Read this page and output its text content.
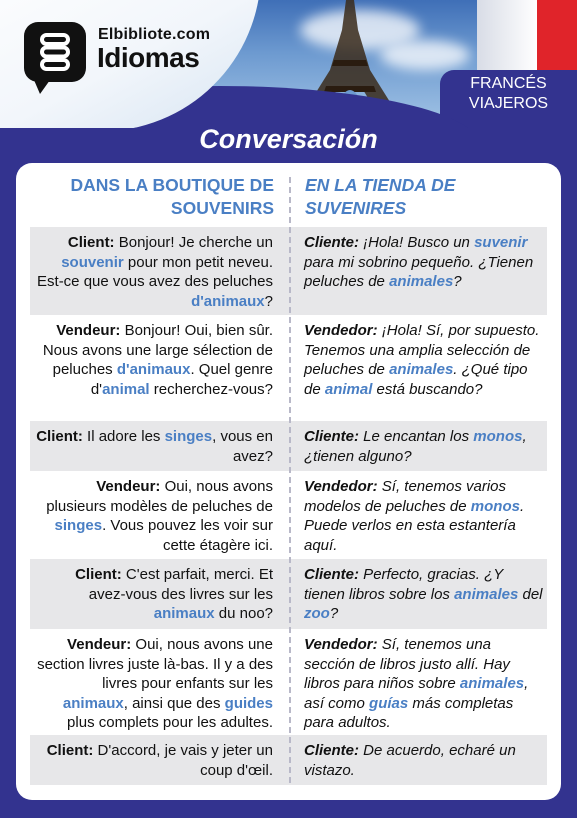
Elbibliote.com
Idiomas
FRANCÉS
VIAJEROS
Conversación
DANS LA BOUTIQUE DE SOUVENIRS
EN LA TIENDA DE SUVENIRES
Client: Bonjour! Je cherche un souvenir pour mon petit neveu. Est-ce que vous avez des peluches d'animaux?
Cliente: ¡Hola! Busco un suvenir para mi sobrino pequeño. ¿Tienen peluches de animales?
Vendeur: Bonjour! Oui, bien sûr. Nous avons une large sélection de peluches d'animaux. Quel genre d'animal recherchez-vous?
Vendedor: ¡Hola! Sí, por supuesto. Tenemos una amplia selección de peluches de animales. ¿Qué tipo de animal está buscando?
Client: Il adore les singes, vous en avez?
Cliente: Le encantan los monos, ¿tienen alguno?
Vendeur: Oui, nous avons plusieurs modèles de peluches de singes. Vous pouvez les voir sur cette étagère ici.
Vendedor: Sí, tenemos varios modelos de peluches de monos. Puede verlos en esta estantería aquí.
Client: C'est parfait, merci. Et avez-vous des livres sur les animaux du noo?
Cliente: Perfecto, gracias. ¿Y tienen libros sobre los animales del zoo?
Vendeur: Oui, nous avons une section livres juste là-bas. Il y a des livres pour enfants sur les animaux, ainsi que des guides plus complets pour les adultes.
Vendedor: Sí, tenemos una sección de libros justo allí. Hay libros para niños sobre animales, así como guías más completas para adultos.
Client: D'accord, je vais y jeter un coup d'œil.
Cliente: De acuerdo, echaré un vistazo.
